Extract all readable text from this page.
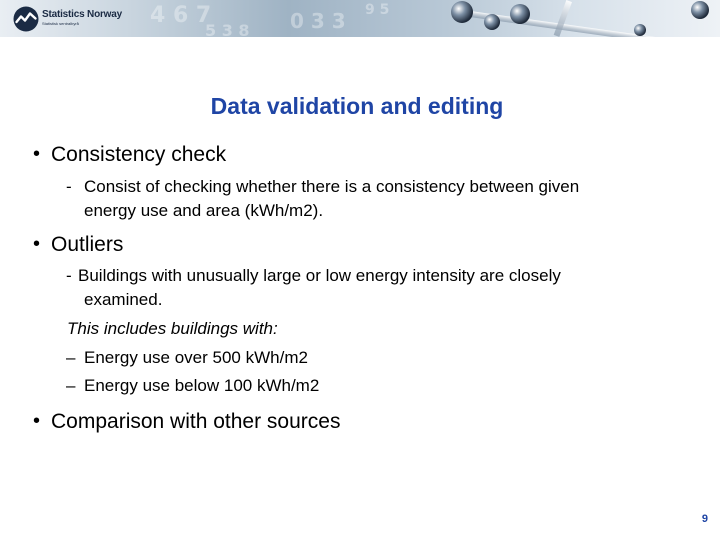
4 6 7
5 3 8 0 3 3 9 5
Statistics Norway
Statistisk sentralbyrå
Data validation and editing
• Consistency check
- Consist of checking whether there is a consistency between given
energy use and area (kWh/m2).
• Outliers
- Buildings with unusually large or low energy intensity are closely
examined.
This includes buildings with:
– Energy use over 500 kWh/m2
– Energy use below 100 kWh/m2
• Comparison with other sources
9
